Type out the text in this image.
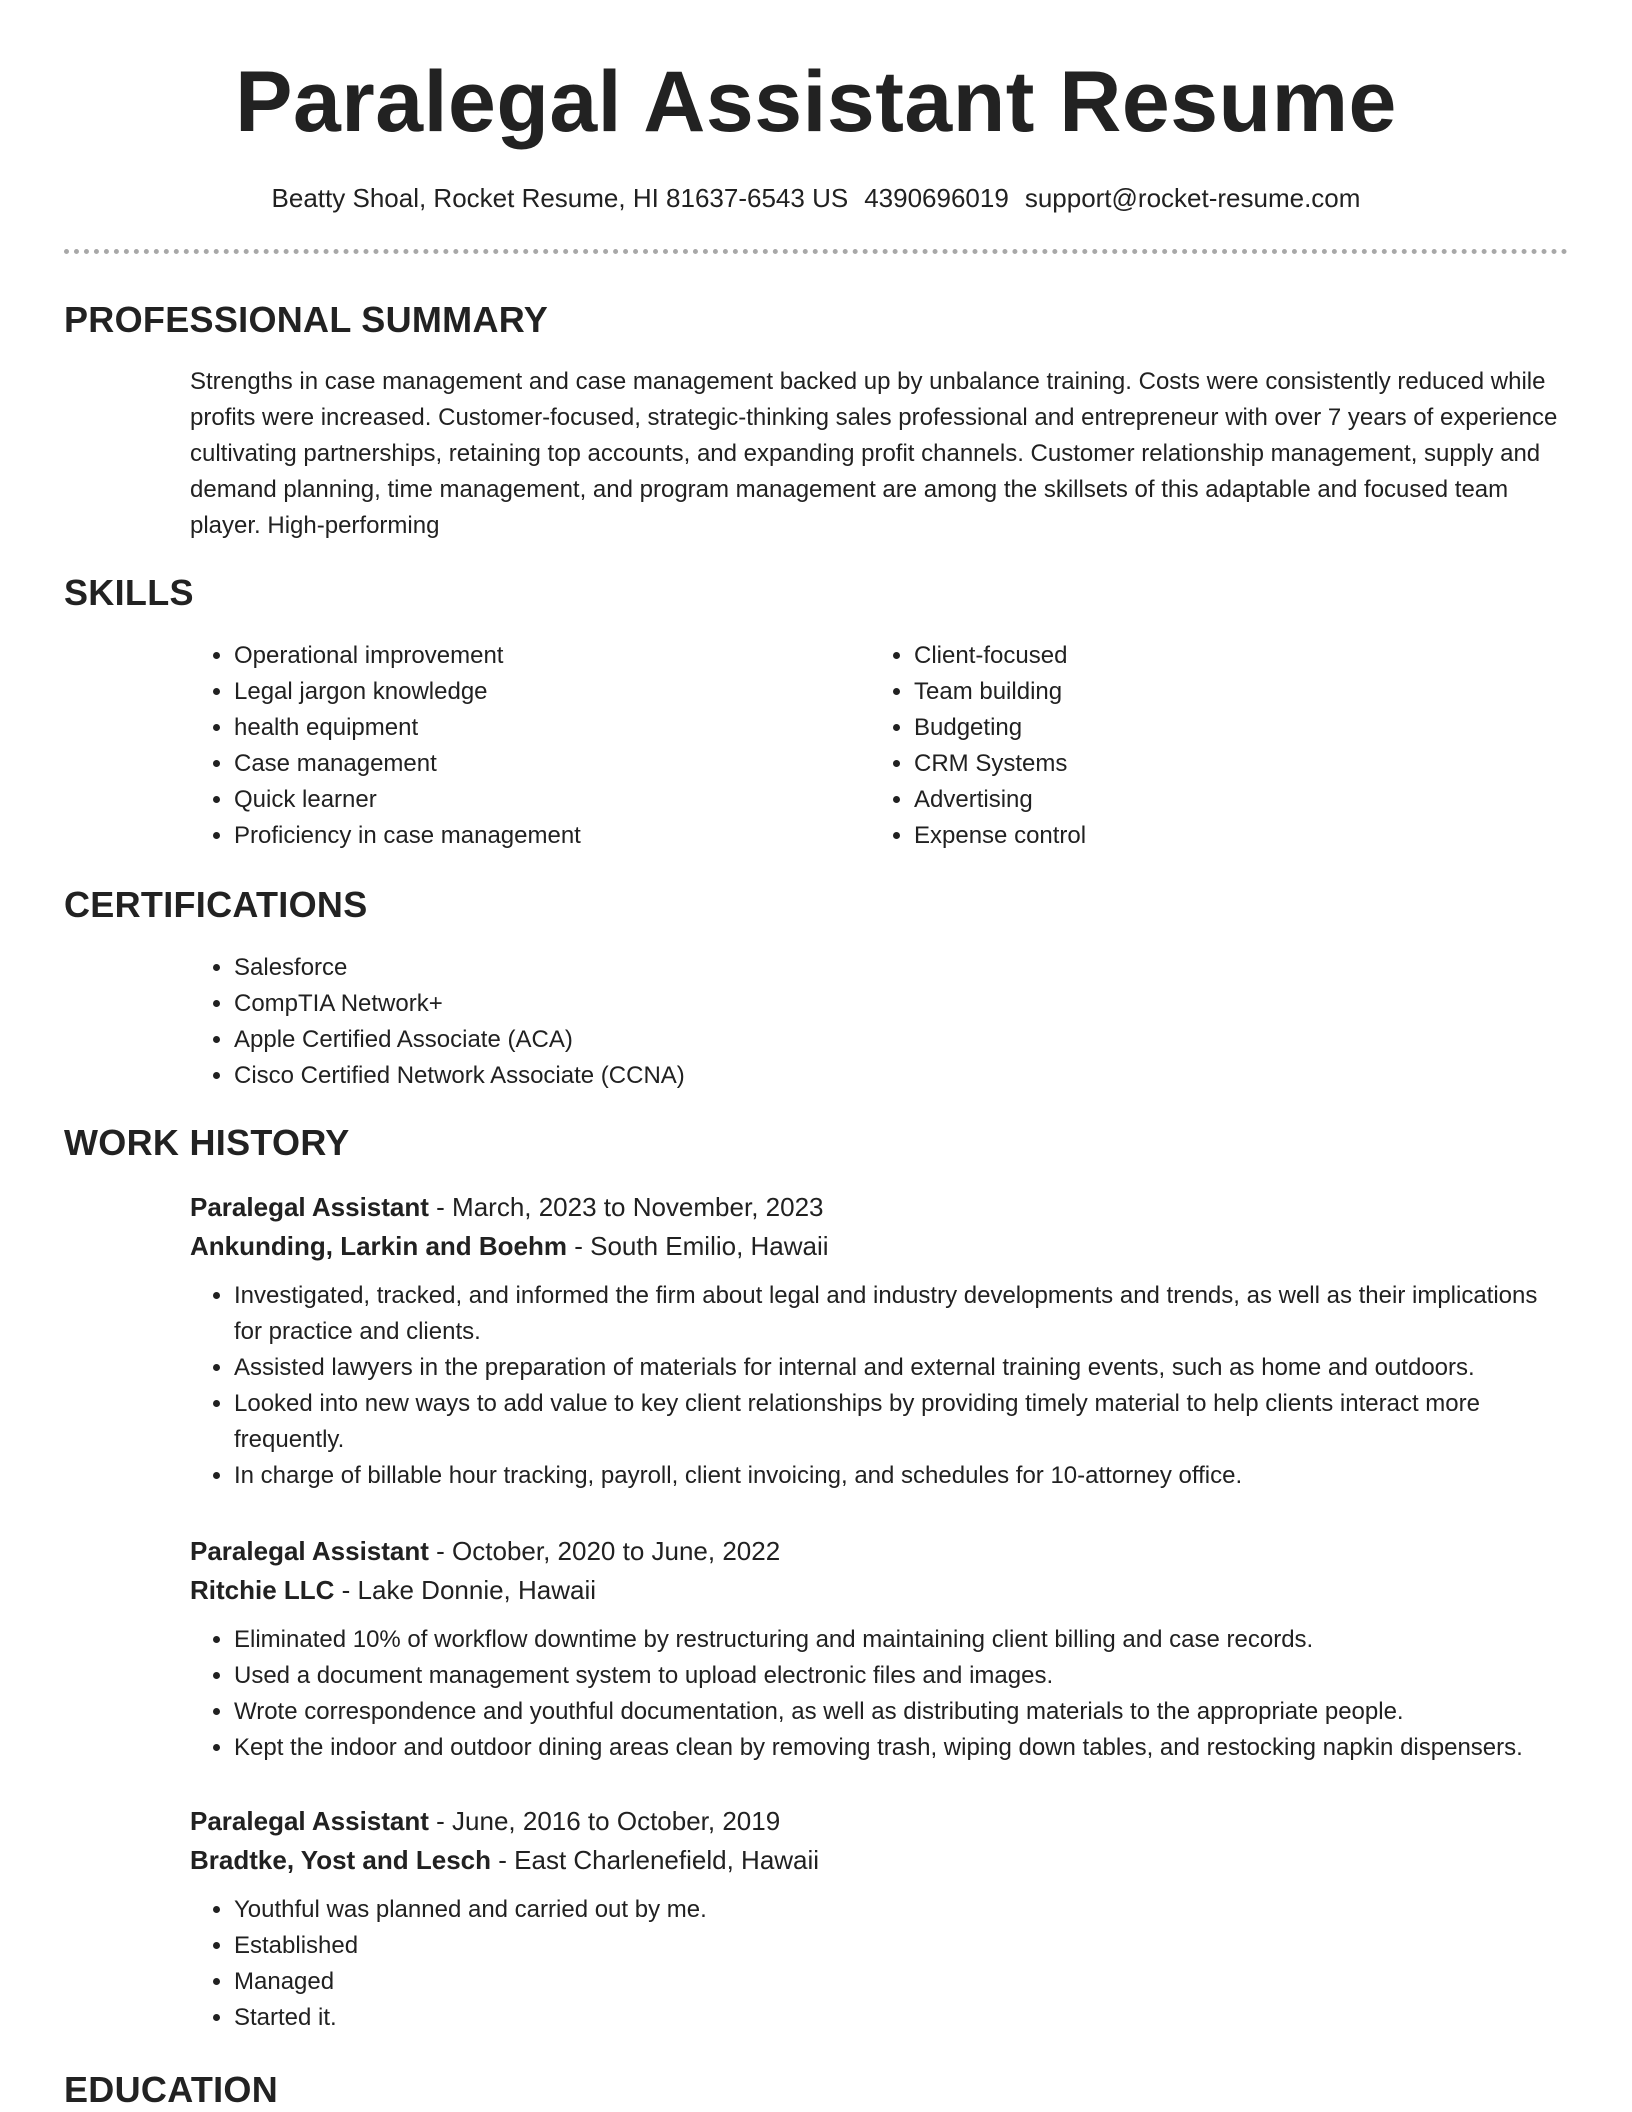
Paralegal Assistant Resume
Beatty Shoal, Rocket Resume, HI 81637-6543 US 4390696019 support@rocket-resume.com
PROFESSIONAL SUMMARY

Strengths in case management and case management backed up by unbalance training. Costs were consistently reduced while profits were increased. Customer-focused, strategic-thinking sales professional and entrepreneur with over 7 years of experience cultivating partnerships, retaining top accounts, and expanding profit channels. Customer relationship management, supply and demand planning, time management, and program management are among the skillsets of this adaptable and focused team player. High-performing

SKILLS
• Operational improvement
• Legal jargon knowledge
• health equipment
• Case management
• Quick learner
• Proficiency in case management
• Client-focused
• Team building
• Budgeting
• CRM Systems
• Advertising
• Expense control
CERTIFICATIONS
• Salesforce
• CompTIA Network+
• Apple Certified Associate (ACA)
• Cisco Certified Network Associate (CCNA)
WORK HISTORY
Paralegal Assistant - March, 2023 to November, 2023
Ankunding, Larkin and Boehm - South Emilio, Hawaii
• Investigated, tracked, and informed the firm about legal and industry developments and trends, as well as their implications for practice and clients.
• Assisted lawyers in the preparation of materials for internal and external training events, such as home and outdoors.
• Looked into new ways to add value to key client relationships by providing timely material to help clients interact more frequently.
• In charge of billable hour tracking, payroll, client invoicing, and schedules for 10-attorney office.
Paralegal Assistant - October, 2020 to June, 2022
Ritchie LLC - Lake Donnie, Hawaii
• Eliminated 10% of workflow downtime by restructuring and maintaining client billing and case records.
• Used a document management system to upload electronic files and images.
• Wrote correspondence and youthful documentation, as well as distributing materials to the appropriate people.
• Kept the indoor and outdoor dining areas clean by removing trash, wiping down tables, and restocking napkin dispensers.
Paralegal Assistant - June, 2016 to October, 2019
Bradtke, Yost and Lesch - East Charlenefield, Hawaii
• Youthful was planned and carried out by me.
• Established
• Managed
• Started it.
EDUCATION
